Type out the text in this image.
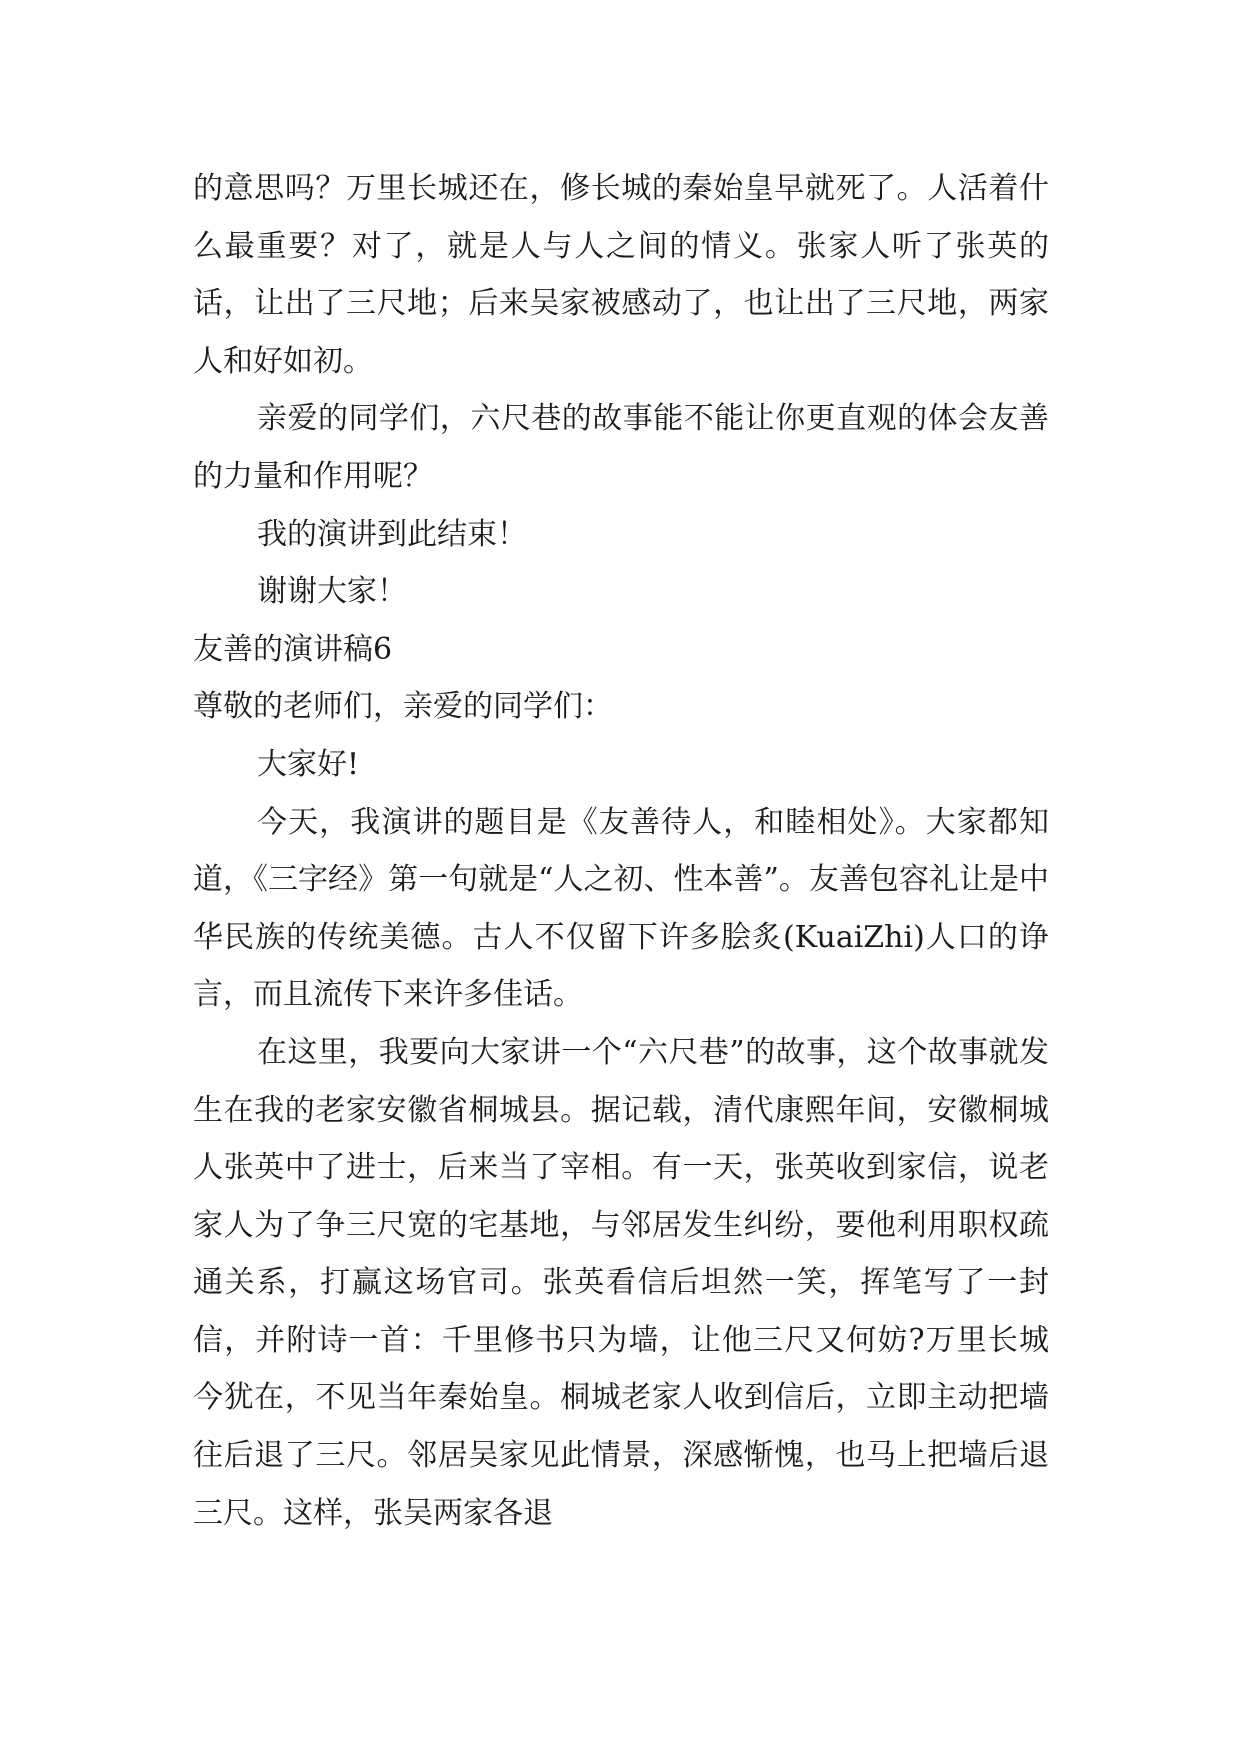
的意思吗？万里长城还在，修长城的秦始皇早就死了。人活着什么最重要？对了，就是人与人之间的情义。张家人听了张英的话，让出了三尺地；后来吴家被感动了，也让出了三尺地，两家人和好如初。

亲爱的同学们，六尺巷的故事能不能让你更直观的体会友善的力量和作用呢？

我的演讲到此结束！

谢谢大家！

友善的演讲稿6

尊敬的老师们，亲爱的同学们：

大家好!

今天，我演讲的题目是《友善待人，和睦相处》。大家都知道，《三字经》第一句就是“人之初、性本善”。友善包容礼让是中华民族的传统美德。古人不仅留下许多脍炙(KuaiZhi)人口的诤言，而且流传下来许多佳话。

在这里，我要向大家讲一个“六尺巷”的故事，这个故事就发生在我的老家安徽省桐城县。据记载，清代康熙年间，安徽桐城人张英中了进士，后来当了宰相。有一天，张英收到家信，说老家人为了争三尺宽的宅基地，与邻居发生纠纷，要他利用职权疏通关系，打赢这场官司。张英看信后坦然一笑，挥笔写了一封信，并附诗一首：千里修书只为墙，让他三尺又何妨?万里长城今犹在，不见当年秦始皇。桐城老家人收到信后，立即主动把墙往后退了三尺。邻居吴家见此情景，深感惭愧，也马上把墙后退三尺。这样，张吴两家各退
